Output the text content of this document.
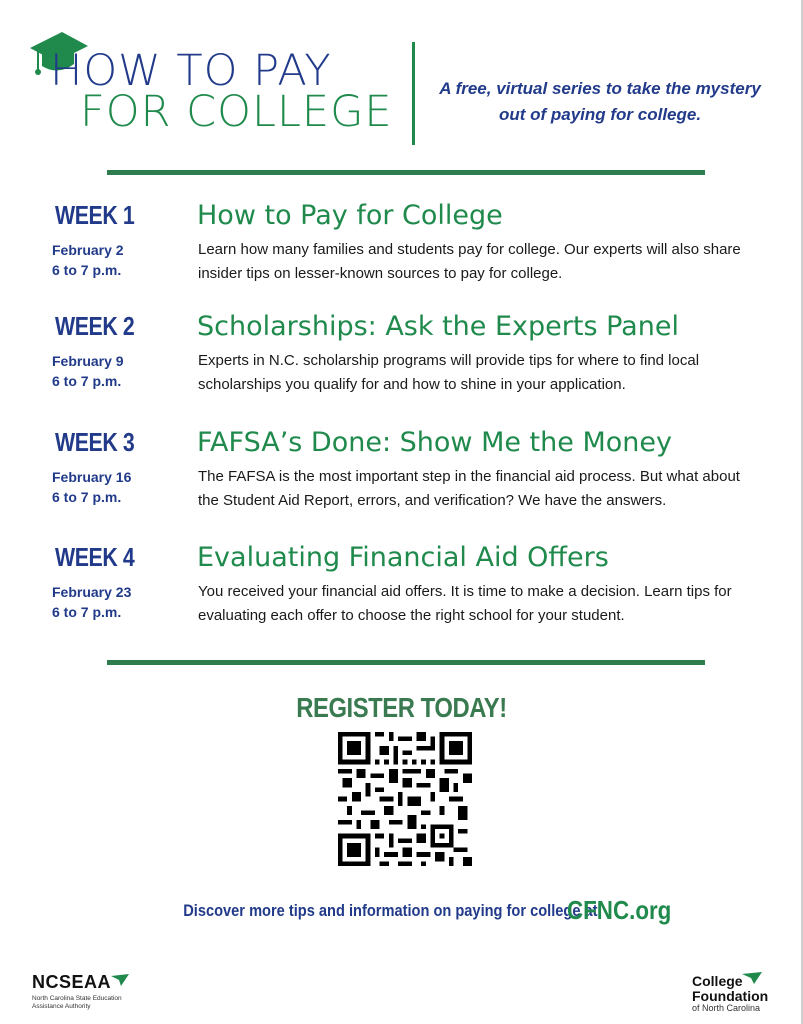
HOW TO PAY
FOR COLLEGE	A free, virtual series to take the mystery out of paying for college.
WEEK 1
February 2
6 to 7 p.m.
How to Pay for College
Learn how many families and students pay for college. Our experts will also share insider tips on lesser-known sources to pay for college.
WEEK 2
February 9
6 to 7 p.m.
Scholarships: Ask the Experts Panel
Experts in N.C. scholarship programs will provide tips for where to find local scholarships you qualify for and how to shine in your application.
WEEK 3
February 16
6 to 7 p.m.
FAFSA’s Done: Show Me the Money
The FAFSA is the most important step in the financial aid process. But what about the Student Aid Report, errors, and verification? We have the answers.
WEEK 4
February 23
6 to 7 p.m.
Evaluating Financial Aid Offers
You received your financial aid offers. It is time to make a decision. Learn tips for evaluating each offer to choose the right school for your student.
REGISTER TODAY!
Discover more tips and information on paying for college at: CFNC.org
NCSEAA
North Carolina State Education Assistance Authority
College
Foundation
of North Carolina
